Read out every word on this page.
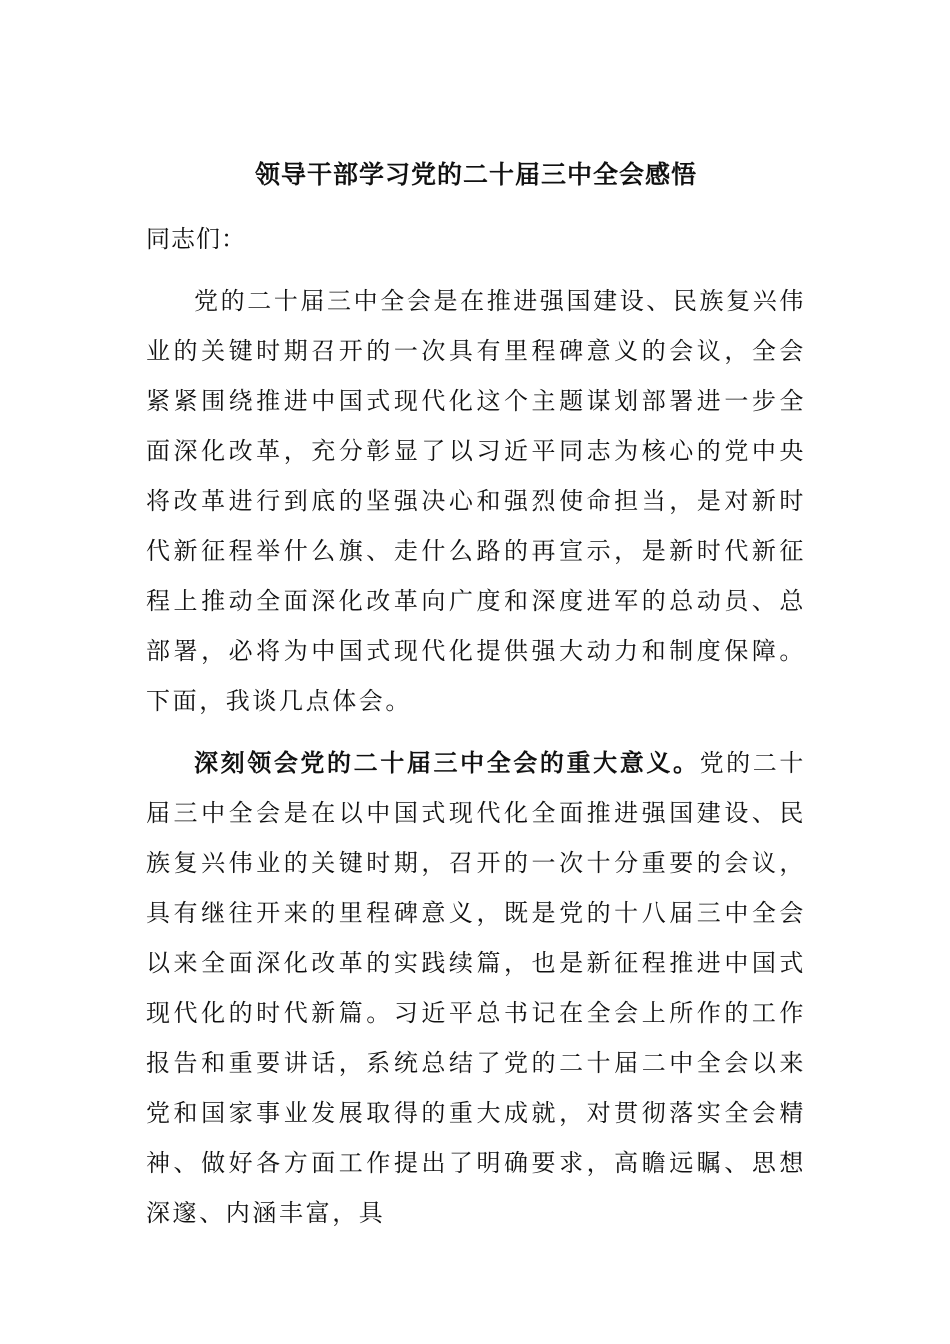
领导干部学习党的二十届三中全会感悟

同志们：

党的二十届三中全会是在推进强国建设、民族复兴伟业的关键时期召开的一次具有里程碑意义的会议，全会紧紧围绕推进中国式现代化这个主题谋划部署进一步全面深化改革，充分彰显了以习近平同志为核心的党中央将改革进行到底的坚强决心和强烈使命担当，是对新时代新征程举什么旗、走什么路的再宣示，是新时代新征程上推动全面深化改革向广度和深度进军的总动员、总部署，必将为中国式现代化提供强大动力和制度保障。下面，我谈几点体会。

深刻领会党的二十届三中全会的重大意义。党的二十届三中全会是在以中国式现代化全面推进强国建设、民族复兴伟业的关键时期，召开的一次十分重要的会议，具有继往开来的里程碑意义，既是党的十八届三中全会以来全面深化改革的实践续篇，也是新征程推进中国式现代化的时代新篇。习近平总书记在全会上所作的工作报告和重要讲话，系统总结了党的二十届二中全会以来党和国家事业发展取得的重大成就，对贯彻落实全会精神、做好各方面工作提出了明确要求，高瞻远瞩、思想深邃、内涵丰富，具
